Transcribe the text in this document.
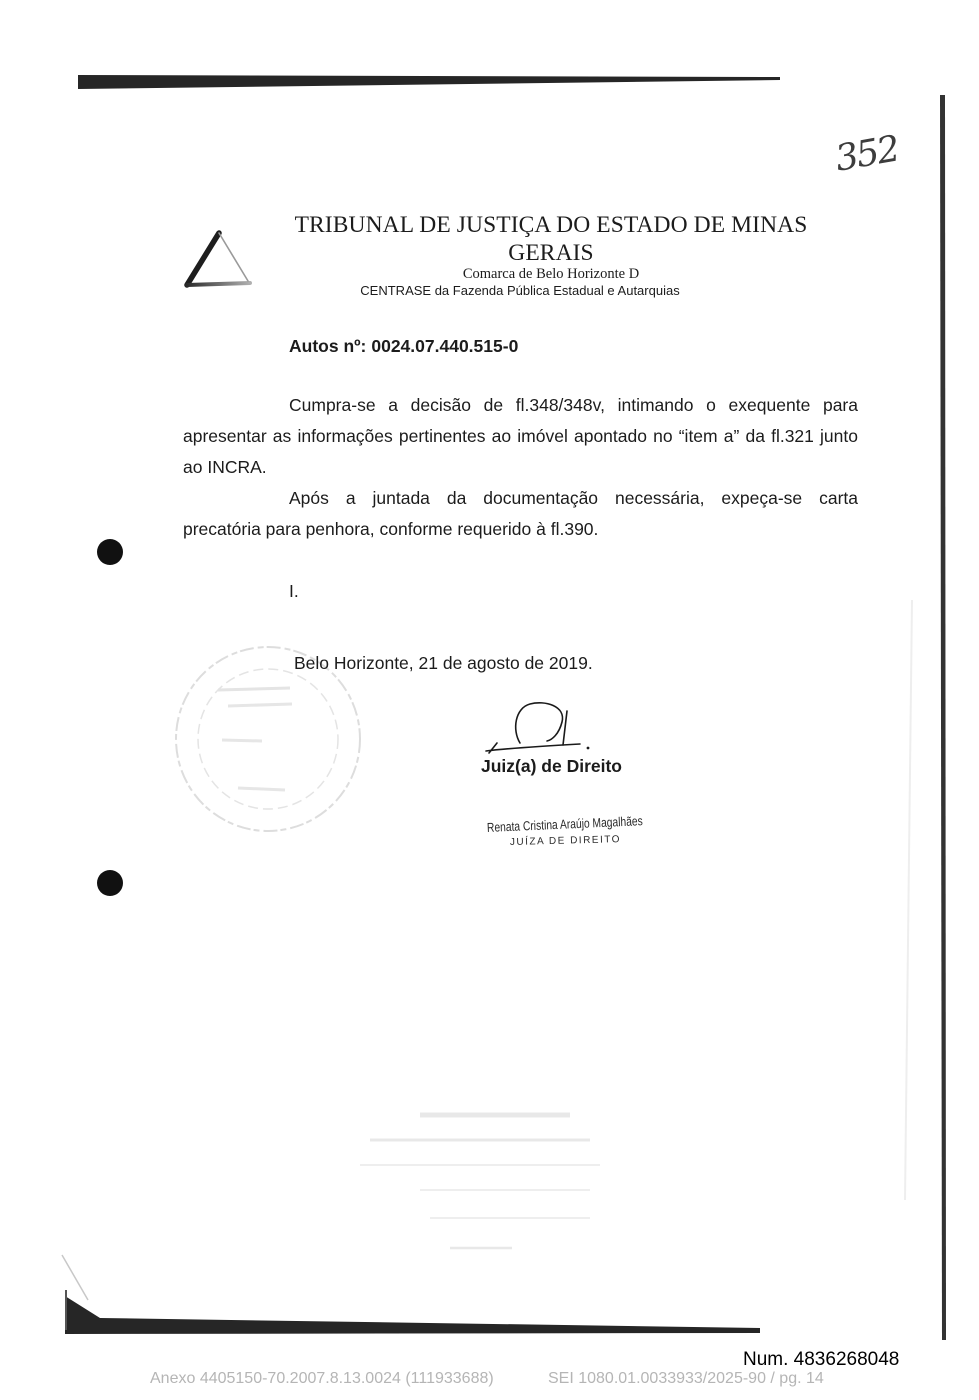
352
TRIBUNAL DE JUSTIÇA DO ESTADO DE MINAS GERAIS
Comarca de Belo Horizonte D
CENTRASE da Fazenda Pública Estadual e Autarquias
Autos nº: 0024.07.440.515-0
Cumpra-se a decisão de fl.348/348v, intimando o exequente para
apresentar as informações pertinentes ao imóvel apontado no “item a” da fl.321 junto
ao INCRA.
Após a juntada da documentação necessária, expeça-se carta
precatória para penhora, conforme requerido à fl.390.
I.
Belo Horizonte, 21 de agosto de 2019.
Juiz(a) de Direito
Renata Cristina Araújo Magalhães
JUÍZA DE DIREITO
Num. 4836268048
Anexo 4405150-70.2007.8.13.0024 (111933688)	SEI 1080.01.0033933/2025-90 / pg. 14
